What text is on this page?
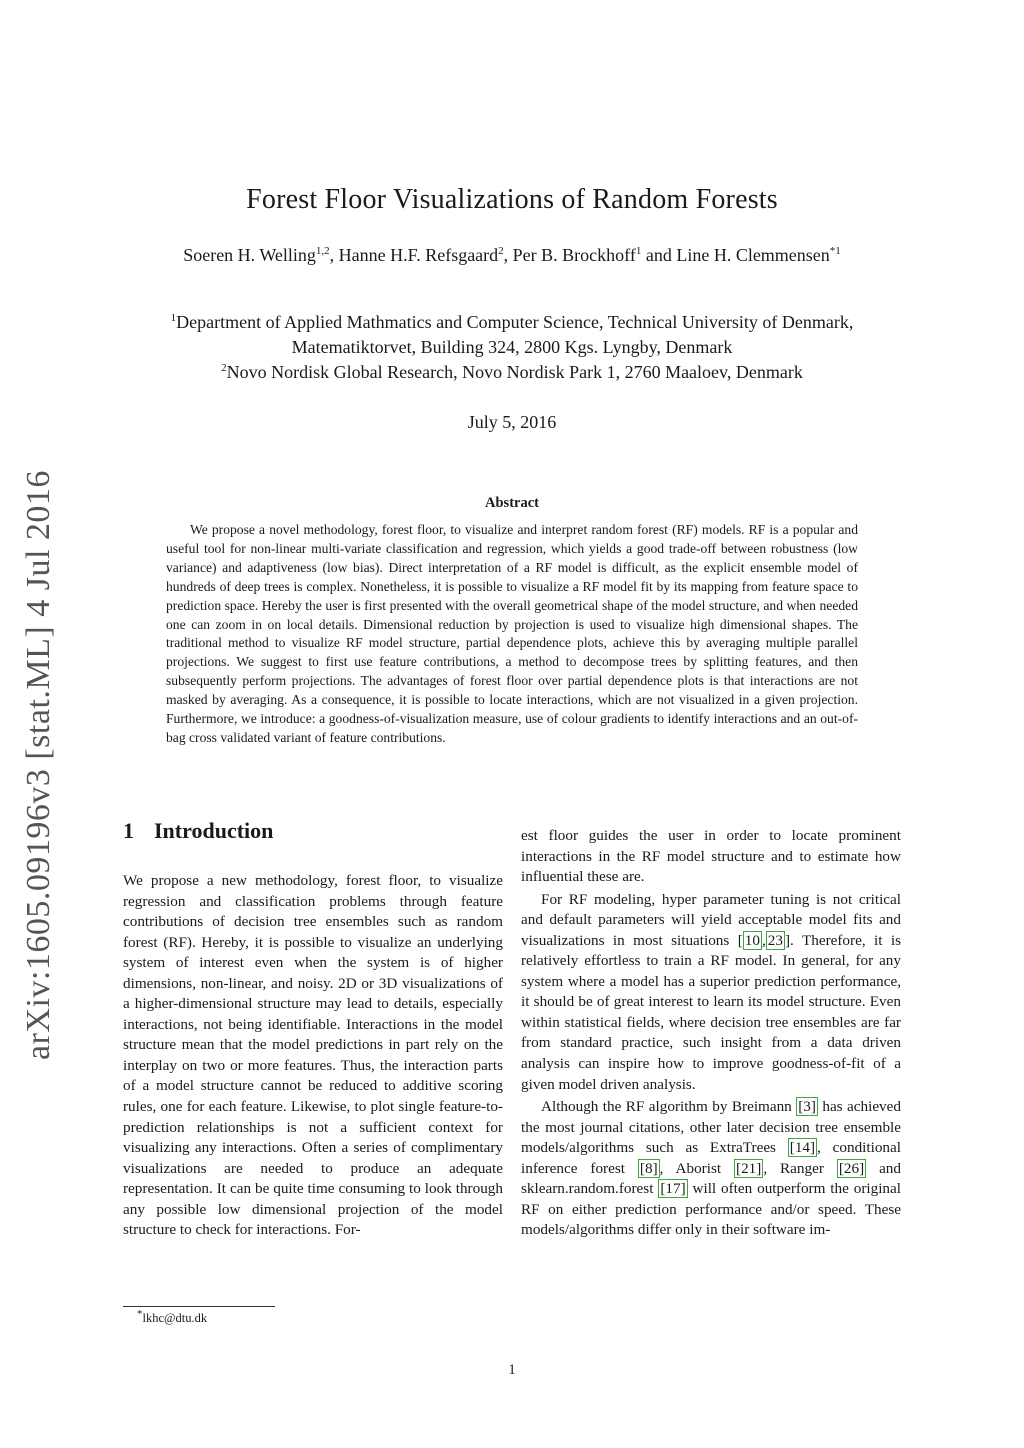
Forest Floor Visualizations of Random Forests
Soeren H. Welling$^{1,2}$, Hanne H.F. Refsgaard$^2$, Per B. Brockhoff$^1$ and Line H. Clemmensen$^{*1}$
$^1$Department of Applied Mathmatics and Computer Science, Technical University of Denmark, Matematiktorvet, Building 324, 2800 Kgs. Lyngby, Denmark
$^2$Novo Nordisk Global Research, Novo Nordisk Park 1, 2760 Maaloev, Denmark
July 5, 2016
arXiv:1605.09196v3 [stat.ML] 4 Jul 2016	Abstract
We propose a novel methodology, forest floor, to visualize and interpret random forest (RF) models. RF is a popular and useful tool for non-linear multi-variate classification and regression, which yields a good trade-off between robustness (low variance) and adaptiveness (low bias). Direct interpretation of a RF model is difficult, as the explicit ensemble model of hundreds of deep trees is complex. Nonetheless, it is possible to visualize a RF model fit by its mapping from feature space to prediction space. Hereby the user is first presented with the overall geometrical shape of the model structure, and when needed one can zoom in on local details. Dimensional reduction by projection is used to visualize high dimensional shapes. The traditional method to visualize RF model structure, partial dependence plots, achieve this by averaging multiple parallel projections. We suggest to first use feature contributions, a method to decompose trees by splitting features, and then subsequently perform projections. The advantages of forest floor over partial dependence plots is that interactions are not masked by averaging. As a consequence, it is possible to locate interactions, which are not visualized in a given projection. Furthermore, we introduce: a goodness-of-visualization measure, use of colour gradients to identify interactions and an out-of-bag cross validated variant of feature contributions.
1 Introduction

We propose a new methodology, forest floor, to visualize regression and classification problems through feature contributions of decision tree ensembles such as random forest (RF). Hereby, it is possible to visualize an underlying system of interest even when the system is of higher dimensions, non-linear, and noisy. 2D or 3D visualizations of a higher-dimensional structure may lead to details, especially interactions, not being identifiable. Interactions in the model structure mean that the model predictions in part rely on the interplay on two or more features. Thus, the interaction parts of a model structure cannot be reduced to additive scoring rules, one for each feature. Likewise, to plot single feature-to-prediction relationships is not a sufficient context for visualizing any interactions. Often a series of complimentary visualizations are needed to produce an adequate representation. It can be quite time consuming to look through any possible low dimensional projection of the model structure to check for interactions. For-

est floor guides the user in order to locate prominent interactions in the RF model structure and to estimate how influential these are.

For RF modeling, hyper parameter tuning is not critical and default parameters will yield acceptable model fits and visualizations in most situations [ 10 , 23 ]. Therefore, it is relatively effortless to train a RF model. In general, for any system where a model has a superior prediction performance, it should be of great interest to learn its model structure. Even within statistical fields, where decision tree ensembles are far from standard practice, such insight from a data driven analysis can inspire how to improve goodness-of-fit of a given model driven analysis.

Although the RF algorithm by Breimann [3] has achieved the most journal citations, other later decision tree ensemble models/algorithms such as ExtraTrees [14] , conditional inference forest [8] , Aborist [21] , Ranger [26] and sklearn.random.forest [17] will often outperform the original RF on either prediction performance and/or speed. These models/algorithms differ only in their software im-

*lkhc@dtu.dk
1
